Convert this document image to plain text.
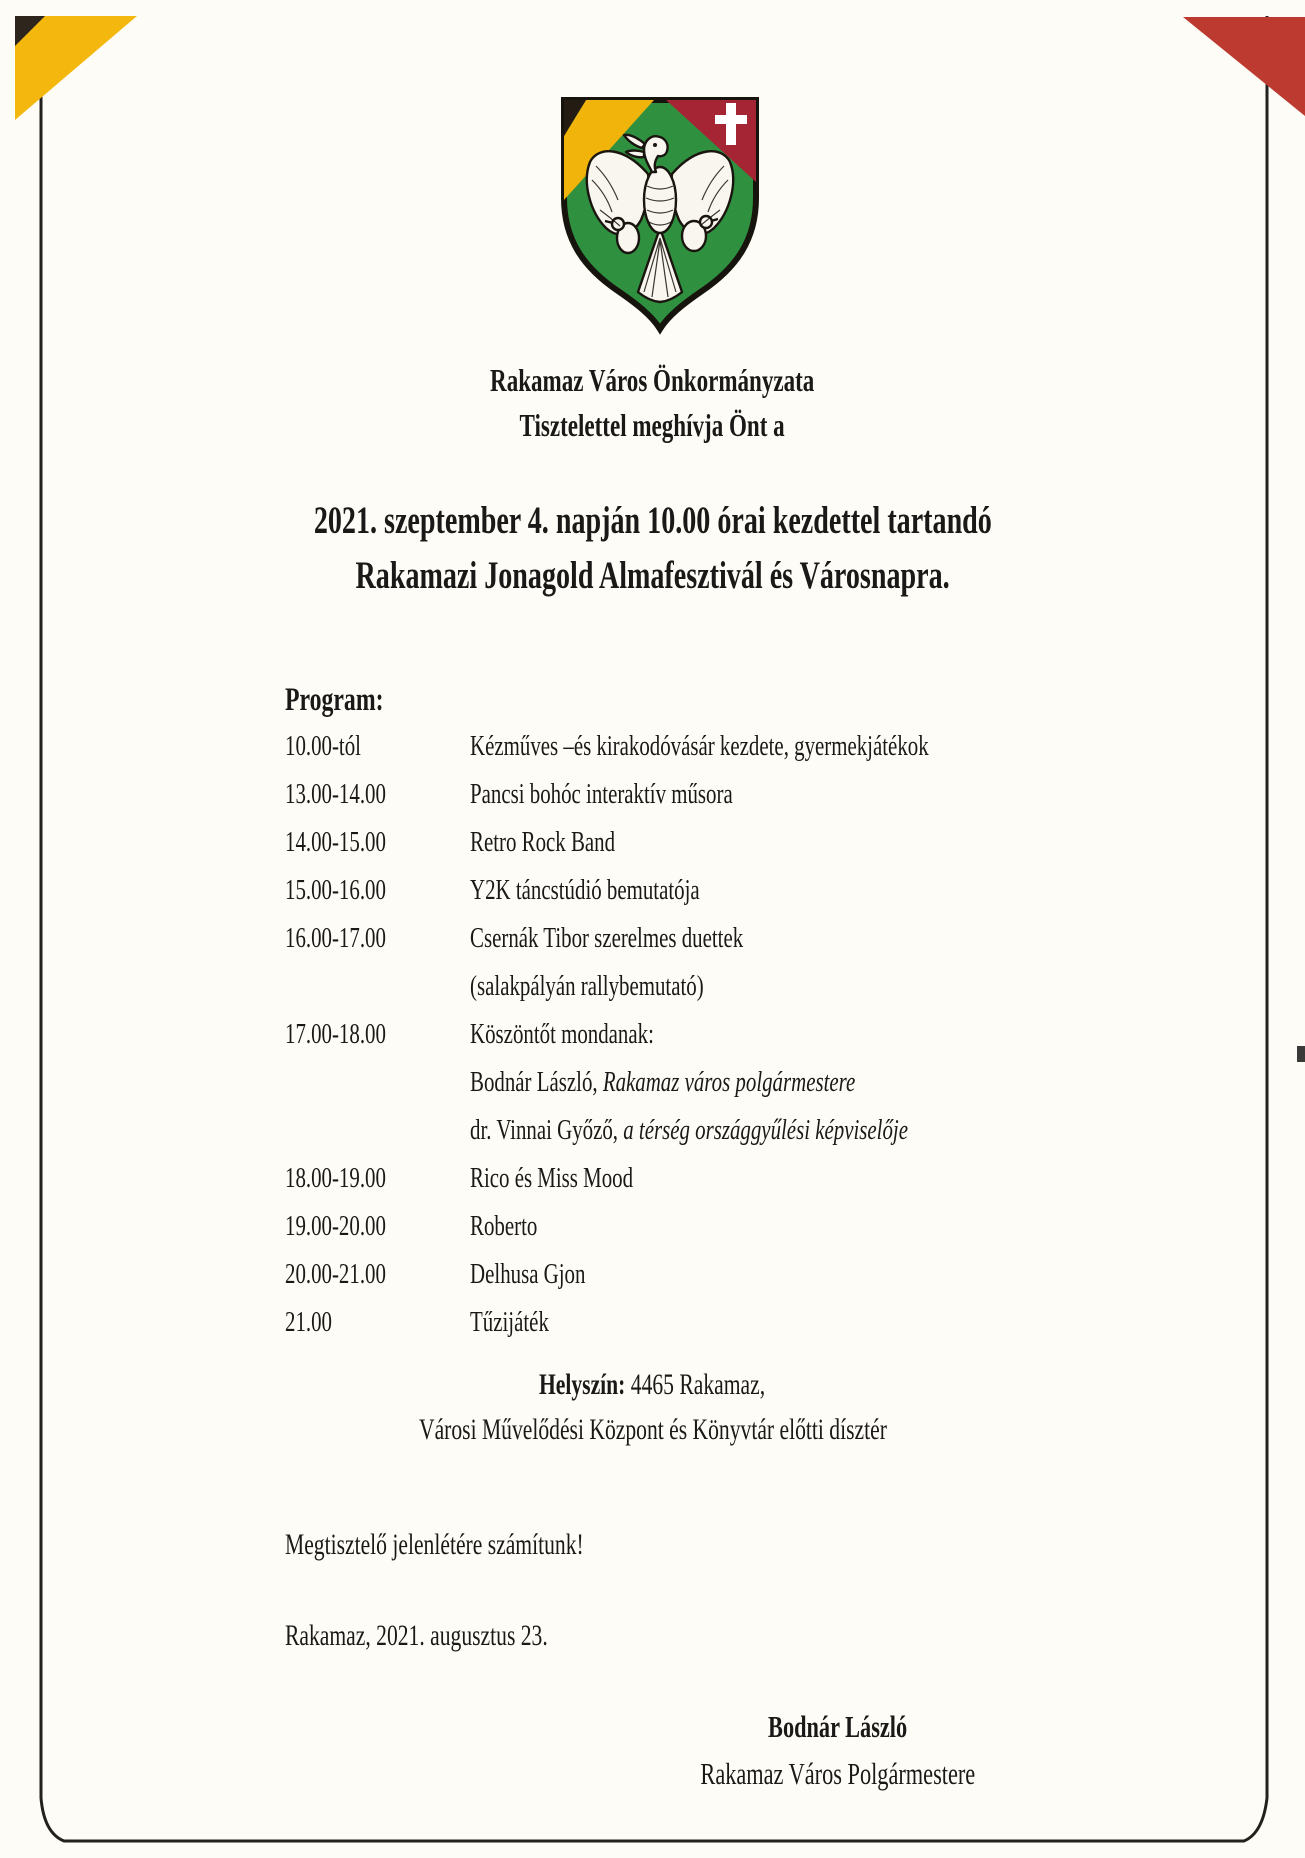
Rakamaz Város Önkormányzata
Tisztelettel meghívja Önt a
2021. szeptember 4. napján 10.00 órai kezdettel tartandó
Rakamazi Jonagold Almafesztivál és Városnapra.
Program:
10.00-tól	Kézműves –és kirakodóvásár kezdete, gyermekjátékok
13.00-14.00	Pancsi bohóc interaktív műsora
14.00-15.00	Retro Rock Band
15.00-16.00	Y2K táncstúdió bemutatója
16.00-17.00	Csernák Tibor szerelmes duettek
(salakpályán rallybemutató)
17.00-18.00	Köszöntőt mondanak:
Bodnár László, Rakamaz város polgármestere
dr. Vinnai Győző, a térség országgyűlési képviselője
18.00-19.00	Rico és Miss Mood
19.00-20.00	Roberto
20.00-21.00	Delhusa Gjon
21.00	Tűzijáték
Helyszín: 4465 Rakamaz,
Városi Művelődési Központ és Könyvtár előtti dísztér
Megtisztelő jelenlétére számítunk!
Rakamaz, 2021. augusztus 23.
Bodnár László
Rakamaz Város Polgármestere
